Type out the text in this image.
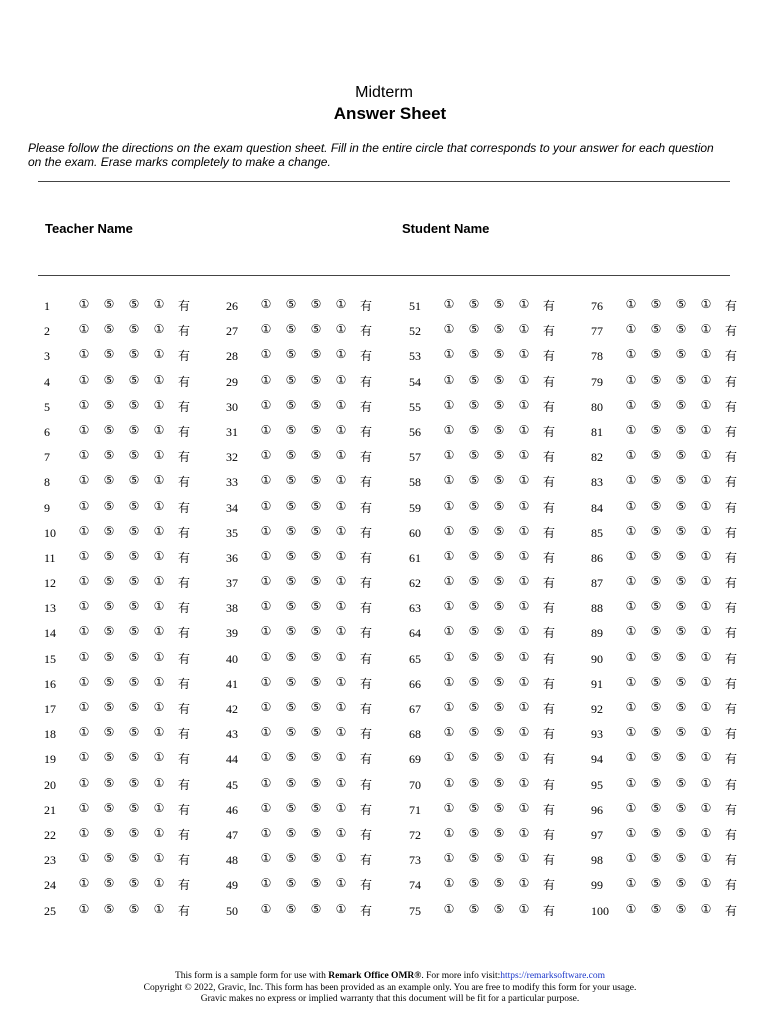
Midterm
Answer Sheet
Please follow the directions on the exam question sheet. Fill in the entire circle that corresponds to your answer for each question on the exam. Erase marks completely to make a change.
Teacher Name	Student Name
1	① ⑤ ⑤ ① 有
2	① ⑤ ⑤ ① 有
3	① ⑤ ⑤ ① 有
4	① ⑤ ⑤ ① 有
5	① ⑤ ⑤ ① 有
6	① ⑤ ⑤ ① 有
7	① ⑤ ⑤ ① 有
8	① ⑤ ⑤ ① 有
9	① ⑤ ⑤ ① 有
10	① ⑤ ⑤ ① 有
11	① ⑤ ⑤ ① 有
12	① ⑤ ⑤ ① 有
13	① ⑤ ⑤ ① 有
14	① ⑤ ⑤ ① 有
15	① ⑤ ⑤ ① 有
16	① ⑤ ⑤ ① 有
17	① ⑤ ⑤ ① 有
18	① ⑤ ⑤ ① 有
19	① ⑤ ⑤ ① 有
20	① ⑤ ⑤ ① 有
21	① ⑤ ⑤ ① 有
22	① ⑤ ⑤ ① 有
23	① ⑤ ⑤ ① 有
24	① ⑤ ⑤ ① 有
25	① ⑤ ⑤ ① 有
26	① ⑤ ⑤ ① 有
27	① ⑤ ⑤ ① 有
28	① ⑤ ⑤ ① 有
29	① ⑤ ⑤ ① 有
30	① ⑤ ⑤ ① 有
31	① ⑤ ⑤ ① 有
32	① ⑤ ⑤ ① 有
33	① ⑤ ⑤ ① 有
34	① ⑤ ⑤ ① 有
35	① ⑤ ⑤ ① 有
36	① ⑤ ⑤ ① 有
37	① ⑤ ⑤ ① 有
38	① ⑤ ⑤ ① 有
39	① ⑤ ⑤ ① 有
40	① ⑤ ⑤ ① 有
41	① ⑤ ⑤ ① 有
42	① ⑤ ⑤ ① 有
43	① ⑤ ⑤ ① 有
44	① ⑤ ⑤ ① 有
45	① ⑤ ⑤ ① 有
46	① ⑤ ⑤ ① 有
47	① ⑤ ⑤ ① 有
48	① ⑤ ⑤ ① 有
49	① ⑤ ⑤ ① 有
50	① ⑤ ⑤ ① 有
51	① ⑤ ⑤ ① 有
52	① ⑤ ⑤ ① 有
53	① ⑤ ⑤ ① 有
54	① ⑤ ⑤ ① 有
55	① ⑤ ⑤ ① 有
56	① ⑤ ⑤ ① 有
57	① ⑤ ⑤ ① 有
58	① ⑤ ⑤ ① 有
59	① ⑤ ⑤ ① 有
60	① ⑤ ⑤ ① 有
61	① ⑤ ⑤ ① 有
62	① ⑤ ⑤ ① 有
63	① ⑤ ⑤ ① 有
64	① ⑤ ⑤ ① 有
65	① ⑤ ⑤ ① 有
66	① ⑤ ⑤ ① 有
67	① ⑤ ⑤ ① 有
68	① ⑤ ⑤ ① 有
69	① ⑤ ⑤ ① 有
70	① ⑤ ⑤ ① 有
71	① ⑤ ⑤ ① 有
72	① ⑤ ⑤ ① 有
73	① ⑤ ⑤ ① 有
74	① ⑤ ⑤ ① 有
75	① ⑤ ⑤ ① 有
76	① ⑤ ⑤ ① 有
77	① ⑤ ⑤ ① 有
78	① ⑤ ⑤ ① 有
79	① ⑤ ⑤ ① 有
80	① ⑤ ⑤ ① 有
81	① ⑤ ⑤ ① 有
82	① ⑤ ⑤ ① 有
83	① ⑤ ⑤ ① 有
84	① ⑤ ⑤ ① 有
85	① ⑤ ⑤ ① 有
86	① ⑤ ⑤ ① 有
87	① ⑤ ⑤ ① 有
88	① ⑤ ⑤ ① 有
89	① ⑤ ⑤ ① 有
90	① ⑤ ⑤ ① 有
91	① ⑤ ⑤ ① 有
92	① ⑤ ⑤ ① 有
93	① ⑤ ⑤ ① 有
94	① ⑤ ⑤ ① 有
95	① ⑤ ⑤ ① 有
96	① ⑤ ⑤ ① 有
97	① ⑤ ⑤ ① 有
98	① ⑤ ⑤ ① 有
99	① ⑤ ⑤ ① 有
100	① ⑤ ⑤ ① 有
This form is a sample form for use with Remark Office OMR®. For more info visit:https://remarksoftware.com
Copyright © 2022, Gravic, Inc. This form has been provided as an example only. You are free to modify this form for your usage.
Gravic makes no express or implied warranty that this document will be fit for a particular purpose.
